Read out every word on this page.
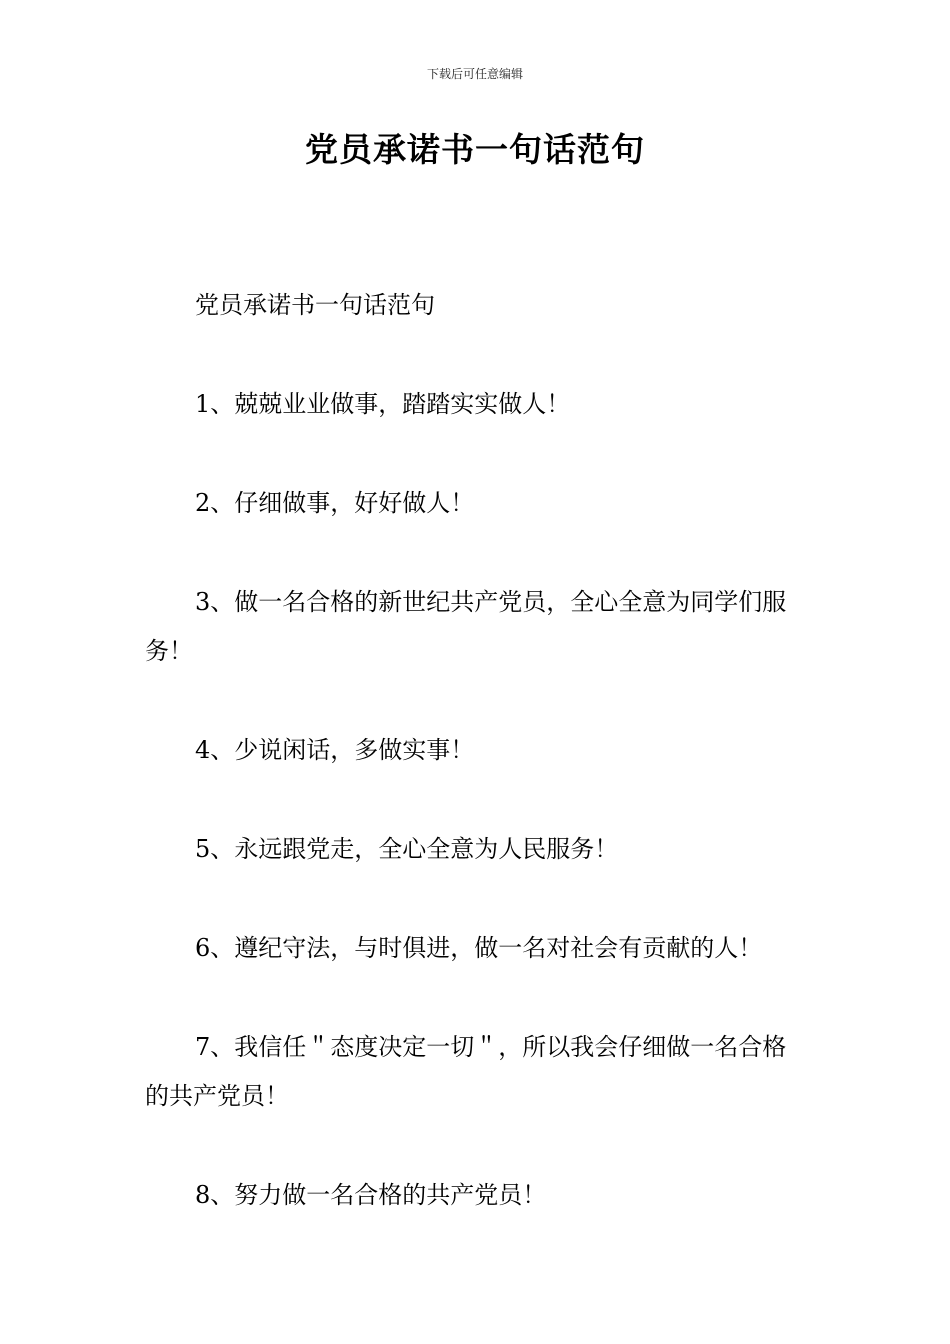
下载后可任意编辑
党员承诺书一句话范句

党员承诺书一句话范句

1、兢兢业业做事，踏踏实实做人！

2、仔细做事，好好做人！

3、做一名合格的新世纪共产党员，全心全意为同学们服务！

4、少说闲话，多做实事！

5、永远跟党走，全心全意为人民服务！

6、遵纪守法，与时俱进，做一名对社会有贡献的人！

7、我信任＂态度决定一切＂，所以我会仔细做一名合格的共产党员！

8、努力做一名合格的共产党员！
